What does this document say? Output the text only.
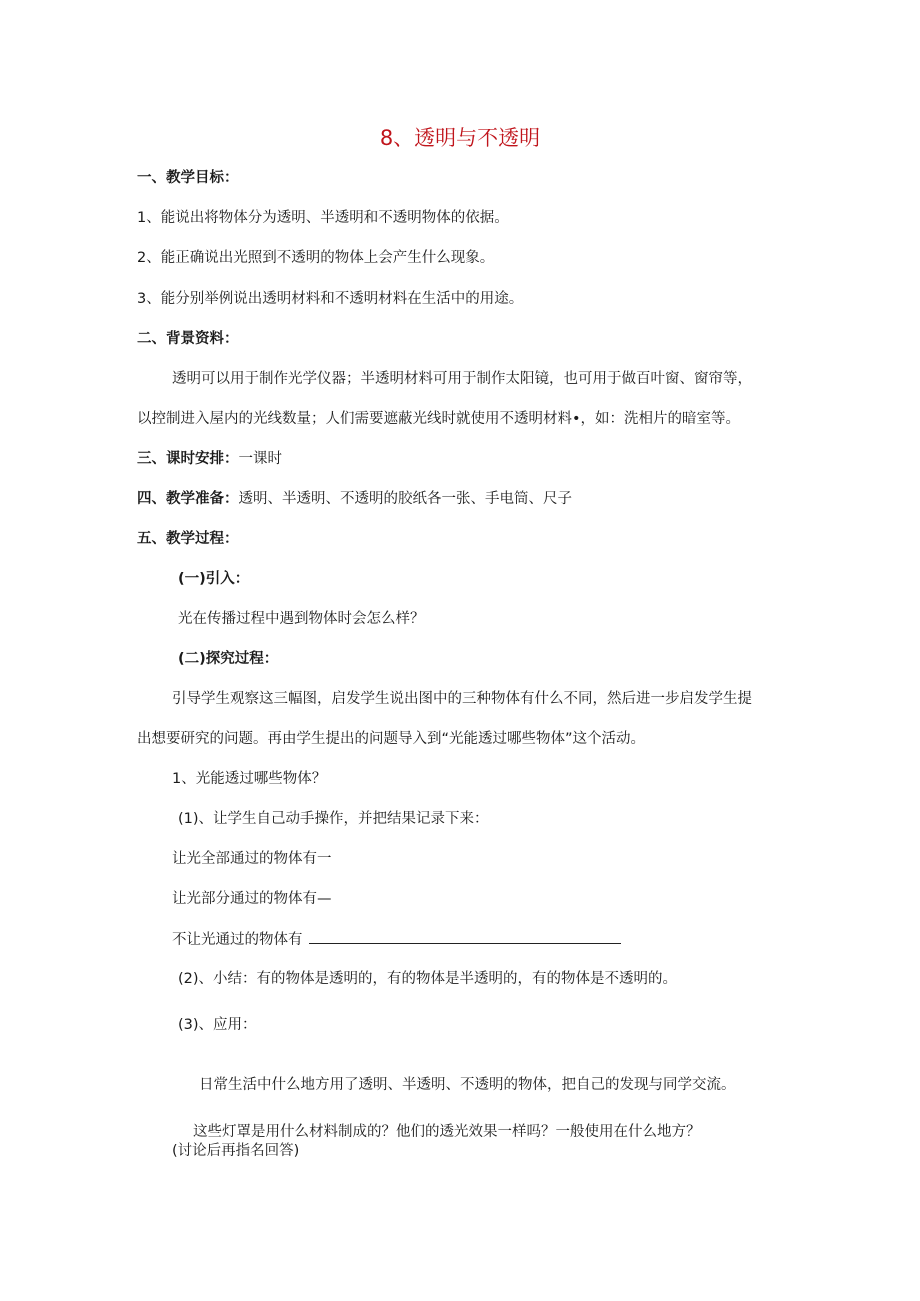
8、透明与不透明
一、教学目标：
1、能说出将物体分为透明、半透明和不透明物体的依据。
2、能正确说出光照到不透明的物体上会产生什么现象。
3、能分别举例说出透明材料和不透明材料在生活中的用途。
二、背景资料：
透明可以用于制作光学仪器；半透明材料可用于制作太阳镜，也可用于做百叶窗、窗帘等，
以控制进入屋内的光线数量；人们需要遮蔽光线时就使用不透明材料•，如：洗相片的暗室等。
三、课时安排：一课时
四、教学准备：透明、半透明、不透明的胶纸各一张、手电筒、尺子
五、教学过程：
(一)引入：
光在传播过程中遇到物体时会怎么样？
(二)探究过程：
引导学生观察这三幅图，启发学生说出图中的三种物体有什么不同，然后进一步启发学生提
出想要研究的问题。再由学生提出的问题导入到“光能透过哪些物体”这个活动。
1、光能透过哪些物体？
(1)、让学生自己动手操作，并把结果记录下来：
让光全部通过的物体有一
让光部分通过的物体有—
不让光通过的物体有
(2)、小结：有的物体是透明的，有的物体是半透明的，有的物体是不透明的。
(3)、应用：
日常生活中什么地方用了透明、半透明、不透明的物体，把自己的发现与同学交流。
这些灯罩是用什么材料制成的？他们的透光效果一样吗？一般使用在什么地方？
(讨论后再指名回答)
